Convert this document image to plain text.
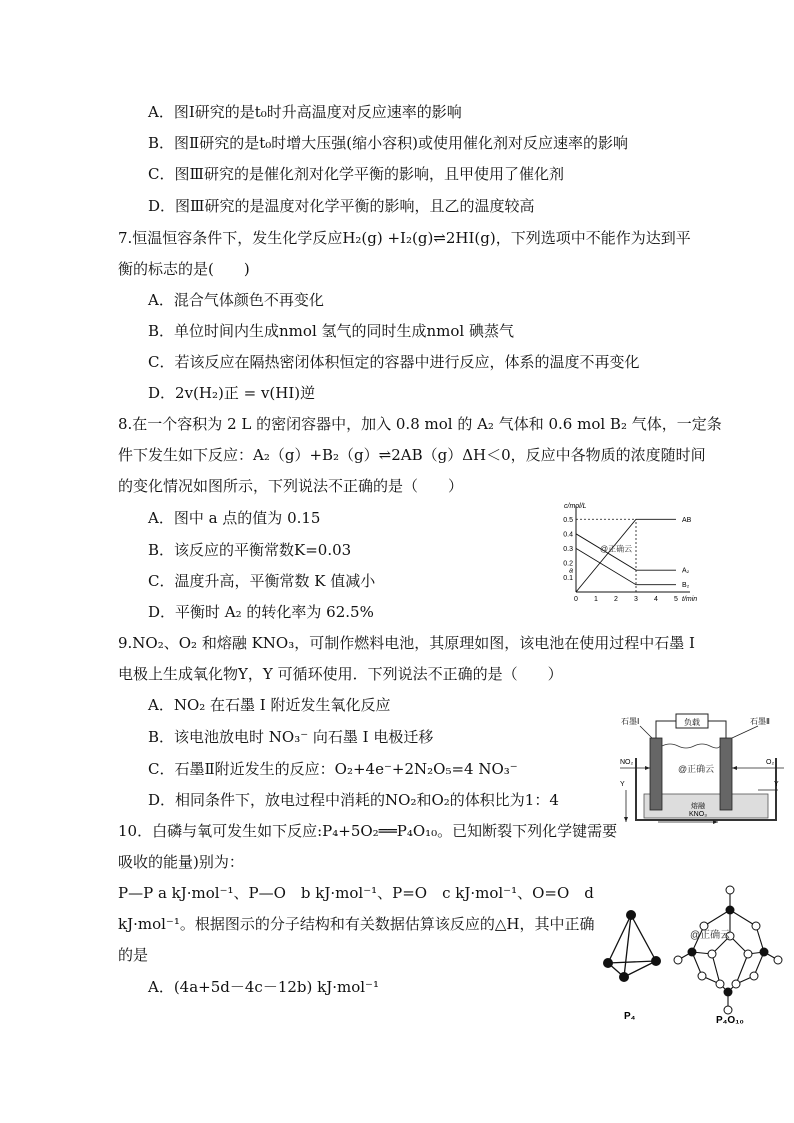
A．图Ⅰ研究的是t₀时升高温度对反应速率的影响
B．图Ⅱ研究的是t₀时增大压强(缩小容积)或使用催化剂对反应速率的影响
C．图Ⅲ研究的是催化剂对化学平衡的影响，且甲使用了催化剂
D．图Ⅲ研究的是温度对化学平衡的影响，且乙的温度较高
7.恒温恒容条件下，发生化学反应H₂(g) +I₂(g)⇌2HI(g)，下列选项中不能作为达到平
衡的标志的是(　　)
A．混合气体颜色不再变化
B．单位时间内生成nmol 氢气的同时生成nmol 碘蒸气
C．若该反应在隔热密闭体积恒定的容器中进行反应，体系的温度不再变化
D．2v(H₂)正 = v(HI)逆
8.在一个容积为 2 L 的密闭容器中，加入 0.8 mol 的 A₂ 气体和 0.6 mol B₂ 气体，一定条
件下发生如下反应：A₂（g）+B₂（g）⇌2AB（g）ΔH＜0，反应中各物质的浓度随时间
的变化情况如图所示，下列说法不正确的是（　　）
A．图中 a 点的值为 0.15
B．该反应的平衡常数K=0.03
C．温度升高，平衡常数 K 值减小
D．平衡时 A₂ 的转化率为 62.5%
c/mol/L
0 1 2 3 4 5 t/min
0.1
0.2
0.3
0.4
0.5
a
AB
A₂
B₂
@正确云
9.NO₂、O₂ 和熔融 KNO₃，可制作燃料电池，其原理如图，该电池在使用过程中石墨 I
电极上生成氧化物Y，Y 可循环使用．下列说法不正确的是（　　）
A．NO₂ 在石墨 I 附近发生氧化反应
B．该电池放电时 NO₃⁻ 向石墨 I 电极迁移
C．石墨Ⅱ附近发生的反应：O₂+4e⁻+2N₂O₅=4 NO₃⁻
D．相同条件下，放电过程中消耗的NO₂和O₂的体积比为1：4
负载
石墨Ⅰ	石墨Ⅱ
熔融
KNO₃
NO₂	O₂
Y	Y
@正确云
10．白磷与氧可发生如下反应:P₄+5O₂══P₄O₁₀。已知断裂下列化学键需要
吸收的能量)别为：
P—P a kJ·mol⁻¹、P—O　b kJ·mol⁻¹、P=O　c kJ·mol⁻¹、O=O　d
kJ·mol⁻¹。根据图示的分子结构和有关数据估算该反应的△H，其中正确
的是
A．(4a+5d－4c－12b) kJ·mol⁻¹
P₄
@正确云
P₄O₁₀
